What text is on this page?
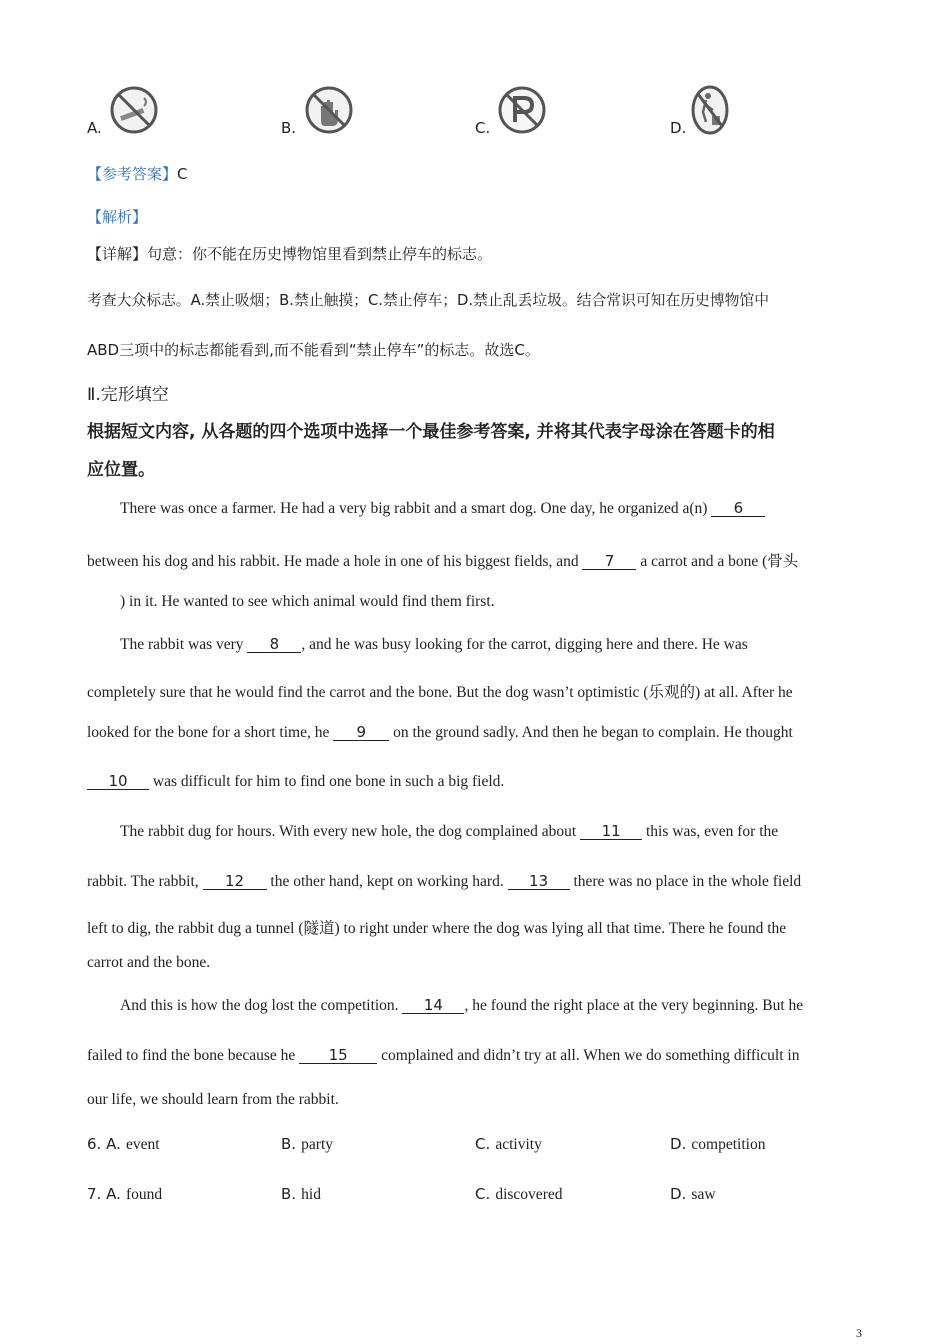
A.	B.	C.	D.
【参考答案】C
【解析】
【详解】句意：你不能在历史博物馆里看到禁止停车的标志。
考查大众标志。A.禁止吸烟；B.禁止触摸；C.禁止停车；D.禁止乱丢垃圾。结合常识可知在历史博物馆中
ABD三项中的标志都能看到,而不能看到“禁止停车”的标志。故选C。
Ⅱ.完形填空
根据短文内容, 从各题的四个选项中选择一个最佳参考答案, 并将其代表字母涂在答题卡的相
应位置。
There was once a farmer. He had a very big rabbit and a smart dog. One day, he organized a(n) 6
between his dog and his rabbit. He made a hole in one of his biggest fields, and 7 a carrot and a bone (骨头
) in it. He wanted to see which animal would find them first.
The rabbit was very 8 , and he was busy looking for the carrot, digging here and there. He was
completely sure that he would find the carrot and the bone. But the dog wasn’t optimistic (乐观的) at all. After he
looked for the bone for a short time, he 9 on the ground sadly. And then he began to complain. He thought
10 was difficult for him to find one bone in such a big field.
The rabbit dug for hours. With every new hole, the dog complained about 11 this was, even for the
rabbit. The rabbit, 12 the other hand, kept on working hard. 13 there was no place in the whole field
left to dig, the rabbit dug a tunnel (隧道) to right under where the dog was lying all that time. There he found the
carrot and the bone.
And this is how the dog lost the competition. 14 , he found the right place at the very beginning. But he
failed to find the bone because he 15 complained and didn’t try at all. When we do something difficult in
our life, we should learn from the rabbit.
6. A. event	B. party	C. activity	D. competition
7. A. found	B. hid	C. discovered	D. saw
3
